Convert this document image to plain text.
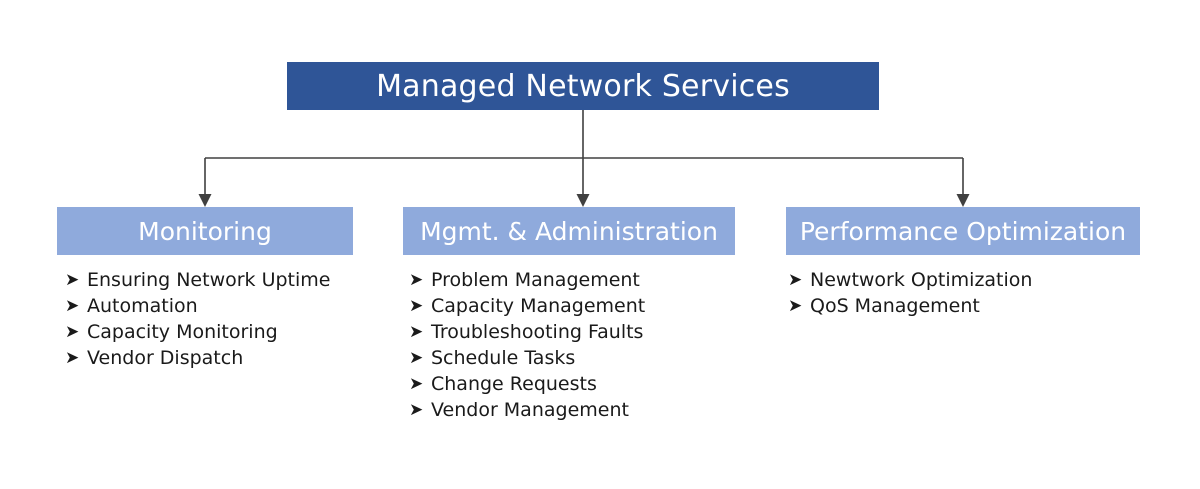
Managed Network Services
Monitoring
➤ Ensuring Network Uptime
➤ Automation
➤ Capacity Monitoring
➤ Vendor Dispatch
Mgmt. & Administration
➤ Problem Management
➤ Capacity Management
➤ Troubleshooting Faults
➤ Schedule Tasks
➤ Change Requests
➤ Vendor Management
Performance Optimization
➤ Newtwork Optimization
➤ QoS Management
